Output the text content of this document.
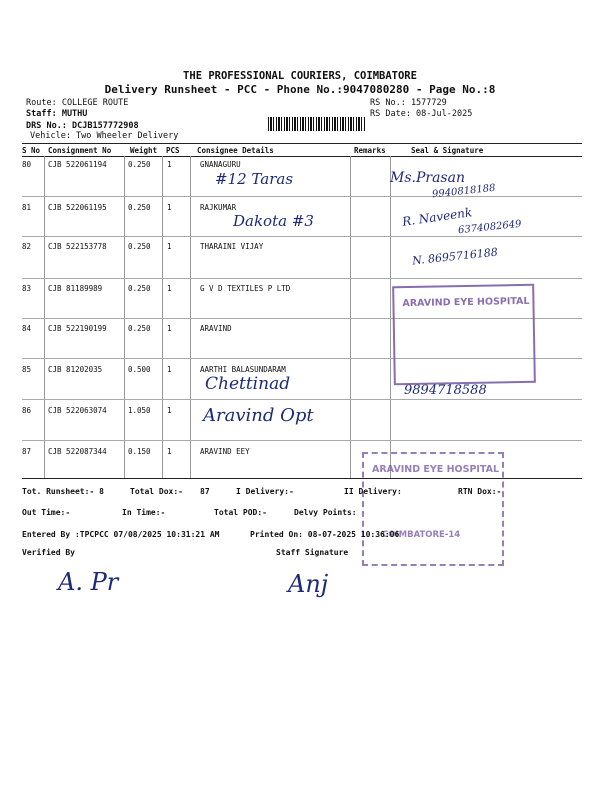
THE PROFESSIONAL COURIERS, COIMBATORE
Delivery Runsheet - PCC - Phone No.:9047080280 - Page No.:8
Route: COLLEGE ROUTE
Staff: MUTHU
DRS No.: DCJB157772908
Vehicle: Two Wheeler Delivery
RS No.: 1577729
RS Date: 08-Jul-2025
S No Consignment No	Weight PCS Consignee Details	Remarks	Seal & Signature
80 CJB 522061194	0.250 1	GNANAGURU
#12 Taras
81 CJB 522061195	0.250 1	RAJKUMAR
Dakota #3
82 CJB 522153778	0.250 1	THARAINI VIJAY
83 CJB 81189989	0.250 1	G V D TEXTILES P LTD
84 CJB 522190199	0.250 1	ARAVIND
85 CJB 81202035	0.500 1	AARTHI BALASUNDARAM
Chettinad
86 CJB 522063074	1.050 1 Aravind Opt
87 CJB 522087344	0.150 1	ARAVIND EEY
Ms.Prasan
9940818188
R. Naveenk
6374082649
N. 8695716188
9894718588
ARAVIND EYE HOSPITAL
ARAVIND EYE HOSPITAL
COIMBATORE-14
Tot. Runsheet:- 8	Total Dox:- 87	I Delivery:-	II Delivery:	RTN Dox:-
Out Time:-	In Time:-	Total POD:-	Delvy Points:
Entered By :TPCPCC 07/08/2025 10:31:21 AM	Printed On: 08-07-2025 10:36:06
Verified By	Staff Signature
A. Pr	Anj
